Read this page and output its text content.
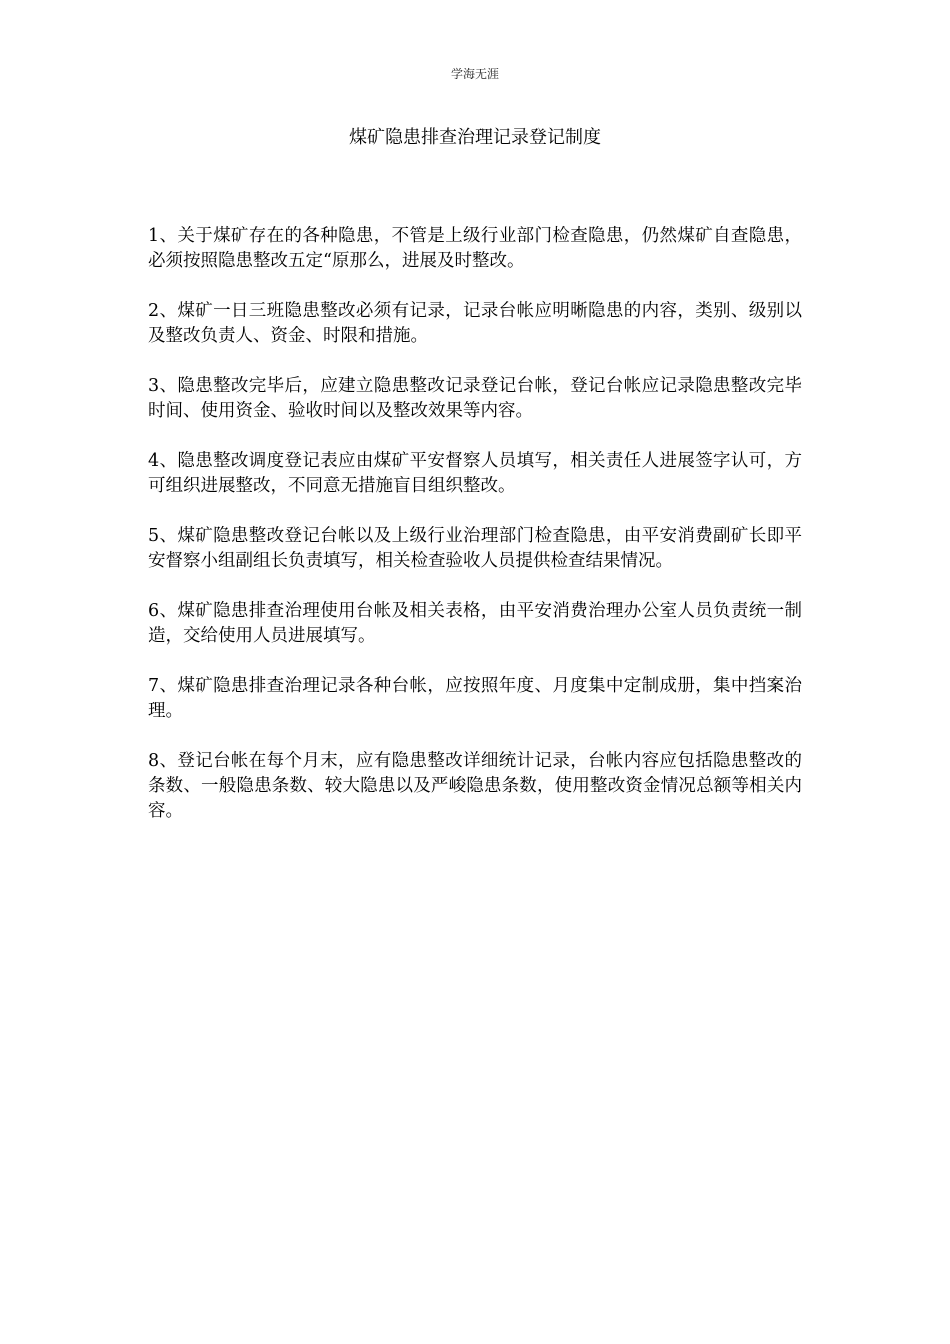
学海无涯
煤矿隐患排查治理记录登记制度

1、关于煤矿存在的各种隐患，不管是上级行业部门检查隐患，仍然煤矿自查隐患，必须按照隐患整改五定“原那么，进展及时整改。

2、煤矿一日三班隐患整改必须有记录，记录台帐应明晰隐患的内容，类别、级别以及整改负责人、资金、时限和措施。

3、隐患整改完毕后，应建立隐患整改记录登记台帐，登记台帐应记录隐患整改完毕时间、使用资金、验收时间以及整改效果等内容。

4、隐患整改调度登记表应由煤矿平安督察人员填写，相关责任人进展签字认可，方可组织进展整改，不同意无措施盲目组织整改。

5、煤矿隐患整改登记台帐以及上级行业治理部门检查隐患，由平安消费副矿长即平安督察小组副组长负责填写，相关检查验收人员提供检查结果情况。

6、煤矿隐患排查治理使用台帐及相关表格，由平安消费治理办公室人员负责统一制造，交给使用人员进展填写。

7、煤矿隐患排查治理记录各种台帐，应按照年度、月度集中定制成册，集中挡案治理。

8、登记台帐在每个月末，应有隐患整改详细统计记录，台帐内容应包括隐患整改的条数、一般隐患条数、较大隐患以及严峻隐患条数，使用整改资金情况总额等相关内容。
